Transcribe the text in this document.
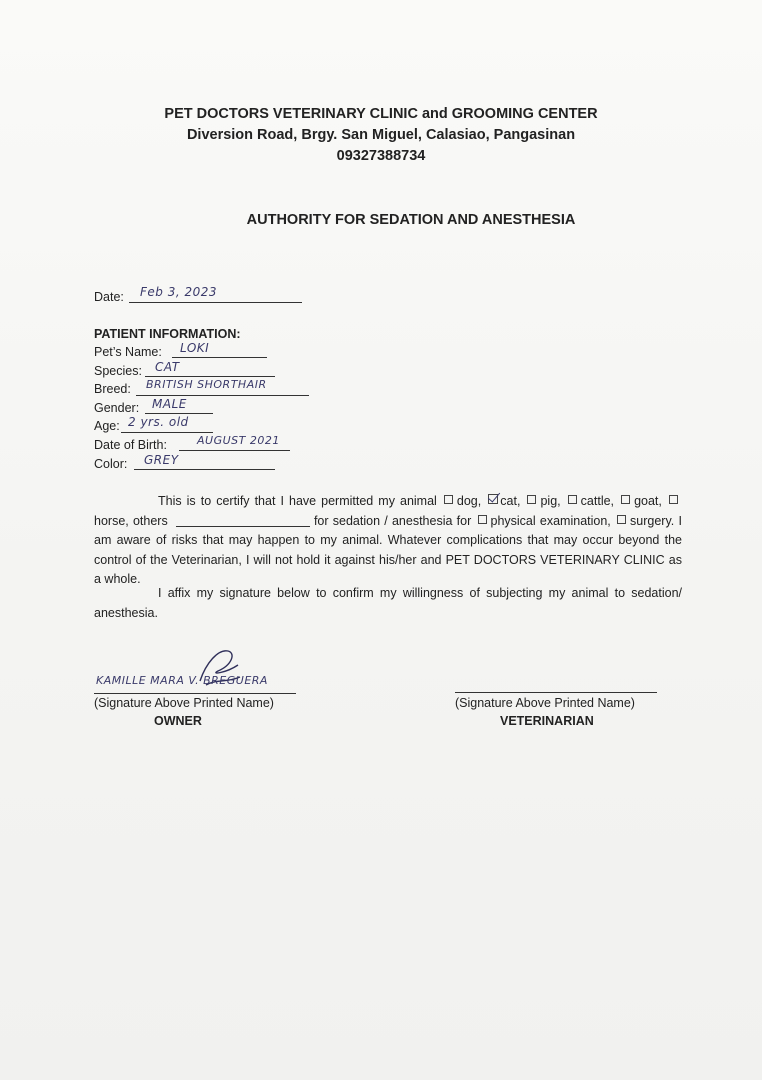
PET DOCTORS VETERINARY CLINIC and GROOMING CENTER
Diversion Road, Brgy. San Miguel, Calasiao, Pangasinan
09327388734
AUTHORITY FOR SEDATION AND ANESTHESIA
Date: Feb 3, 2023
PATIENT INFORMATION:
Pet’s Name: LOKI
Species: CAT
Breed: BRITISH SHORTHAIR
Gender: MALE
Age: 2 yrs. old
Date of Birth:	AUGUST 2021
Color: GREY

This is to certify that I have permitted my animal dog, cat, pig, cattle, goat, horse, others	for sedation / anesthesia for physical examination, surgery. I am aware of risks that may happen to my animal. Whatever complications that may occur beyond the control of the Veterinarian, I will not hold it against his/her and PET DOCTORS VETERINARY CLINIC as a whole.

I affix my signature below to confirm my willingness of subjecting my animal to sedation/ anesthesia.

KAMILLE MARA V. BREGUERA
(Signature Above Printed Name)
OWNER
(Signature Above Printed Name)
VETERINARIAN
